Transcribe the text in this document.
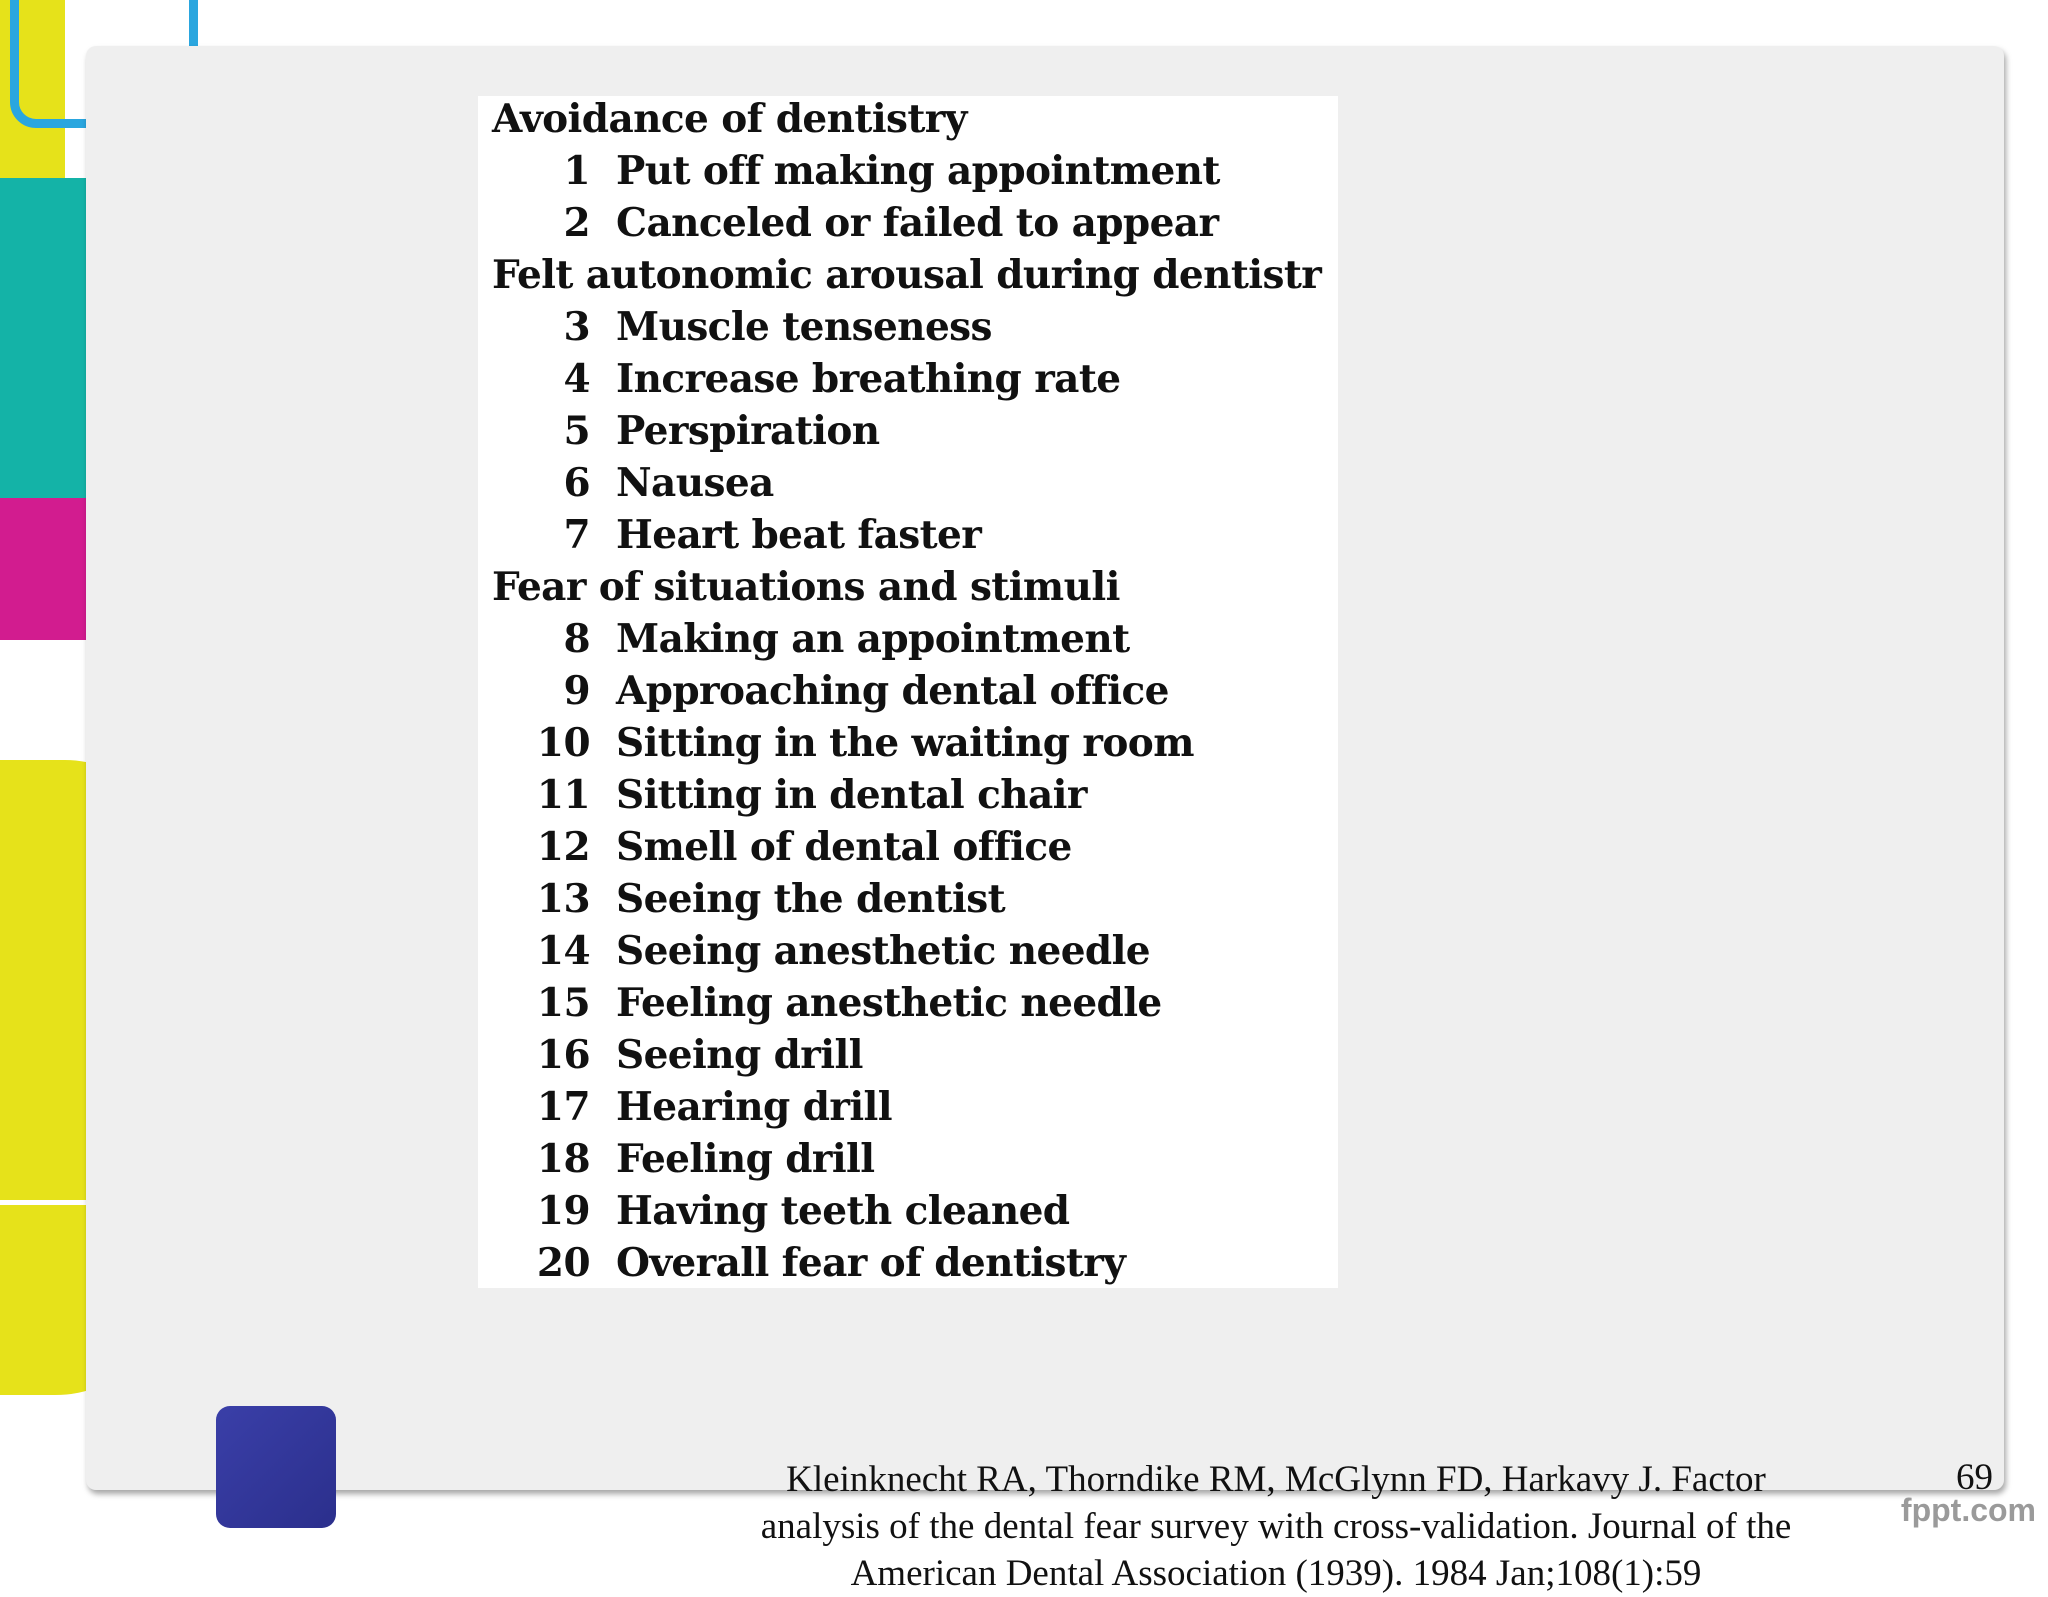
Avoidance of dentistry
1 Put off making appointment
2 Canceled or failed to appear
Felt autonomic arousal during dentistr
3 Muscle tenseness
4 Increase breathing rate
5 Perspiration
6 Nausea
7 Heart beat faster
Fear of situations and stimuli
8 Making an appointment
9 Approaching dental office
10 Sitting in the waiting room
11 Sitting in dental chair
12 Smell of dental office
13 Seeing the dentist
14 Seeing anesthetic needle
15 Feeling anesthetic needle
16 Seeing drill
17 Hearing drill
18 Feeling drill
19 Having teeth cleaned
20 Overall fear of dentistry
Kleinknecht RA, Thorndike RM, McGlynn FD, Harkavy J. Factor
analysis of the dental fear survey with cross-validation. Journal of the
American Dental Association (1939). 1984 Jan;108(1):59
69
fppt.com
